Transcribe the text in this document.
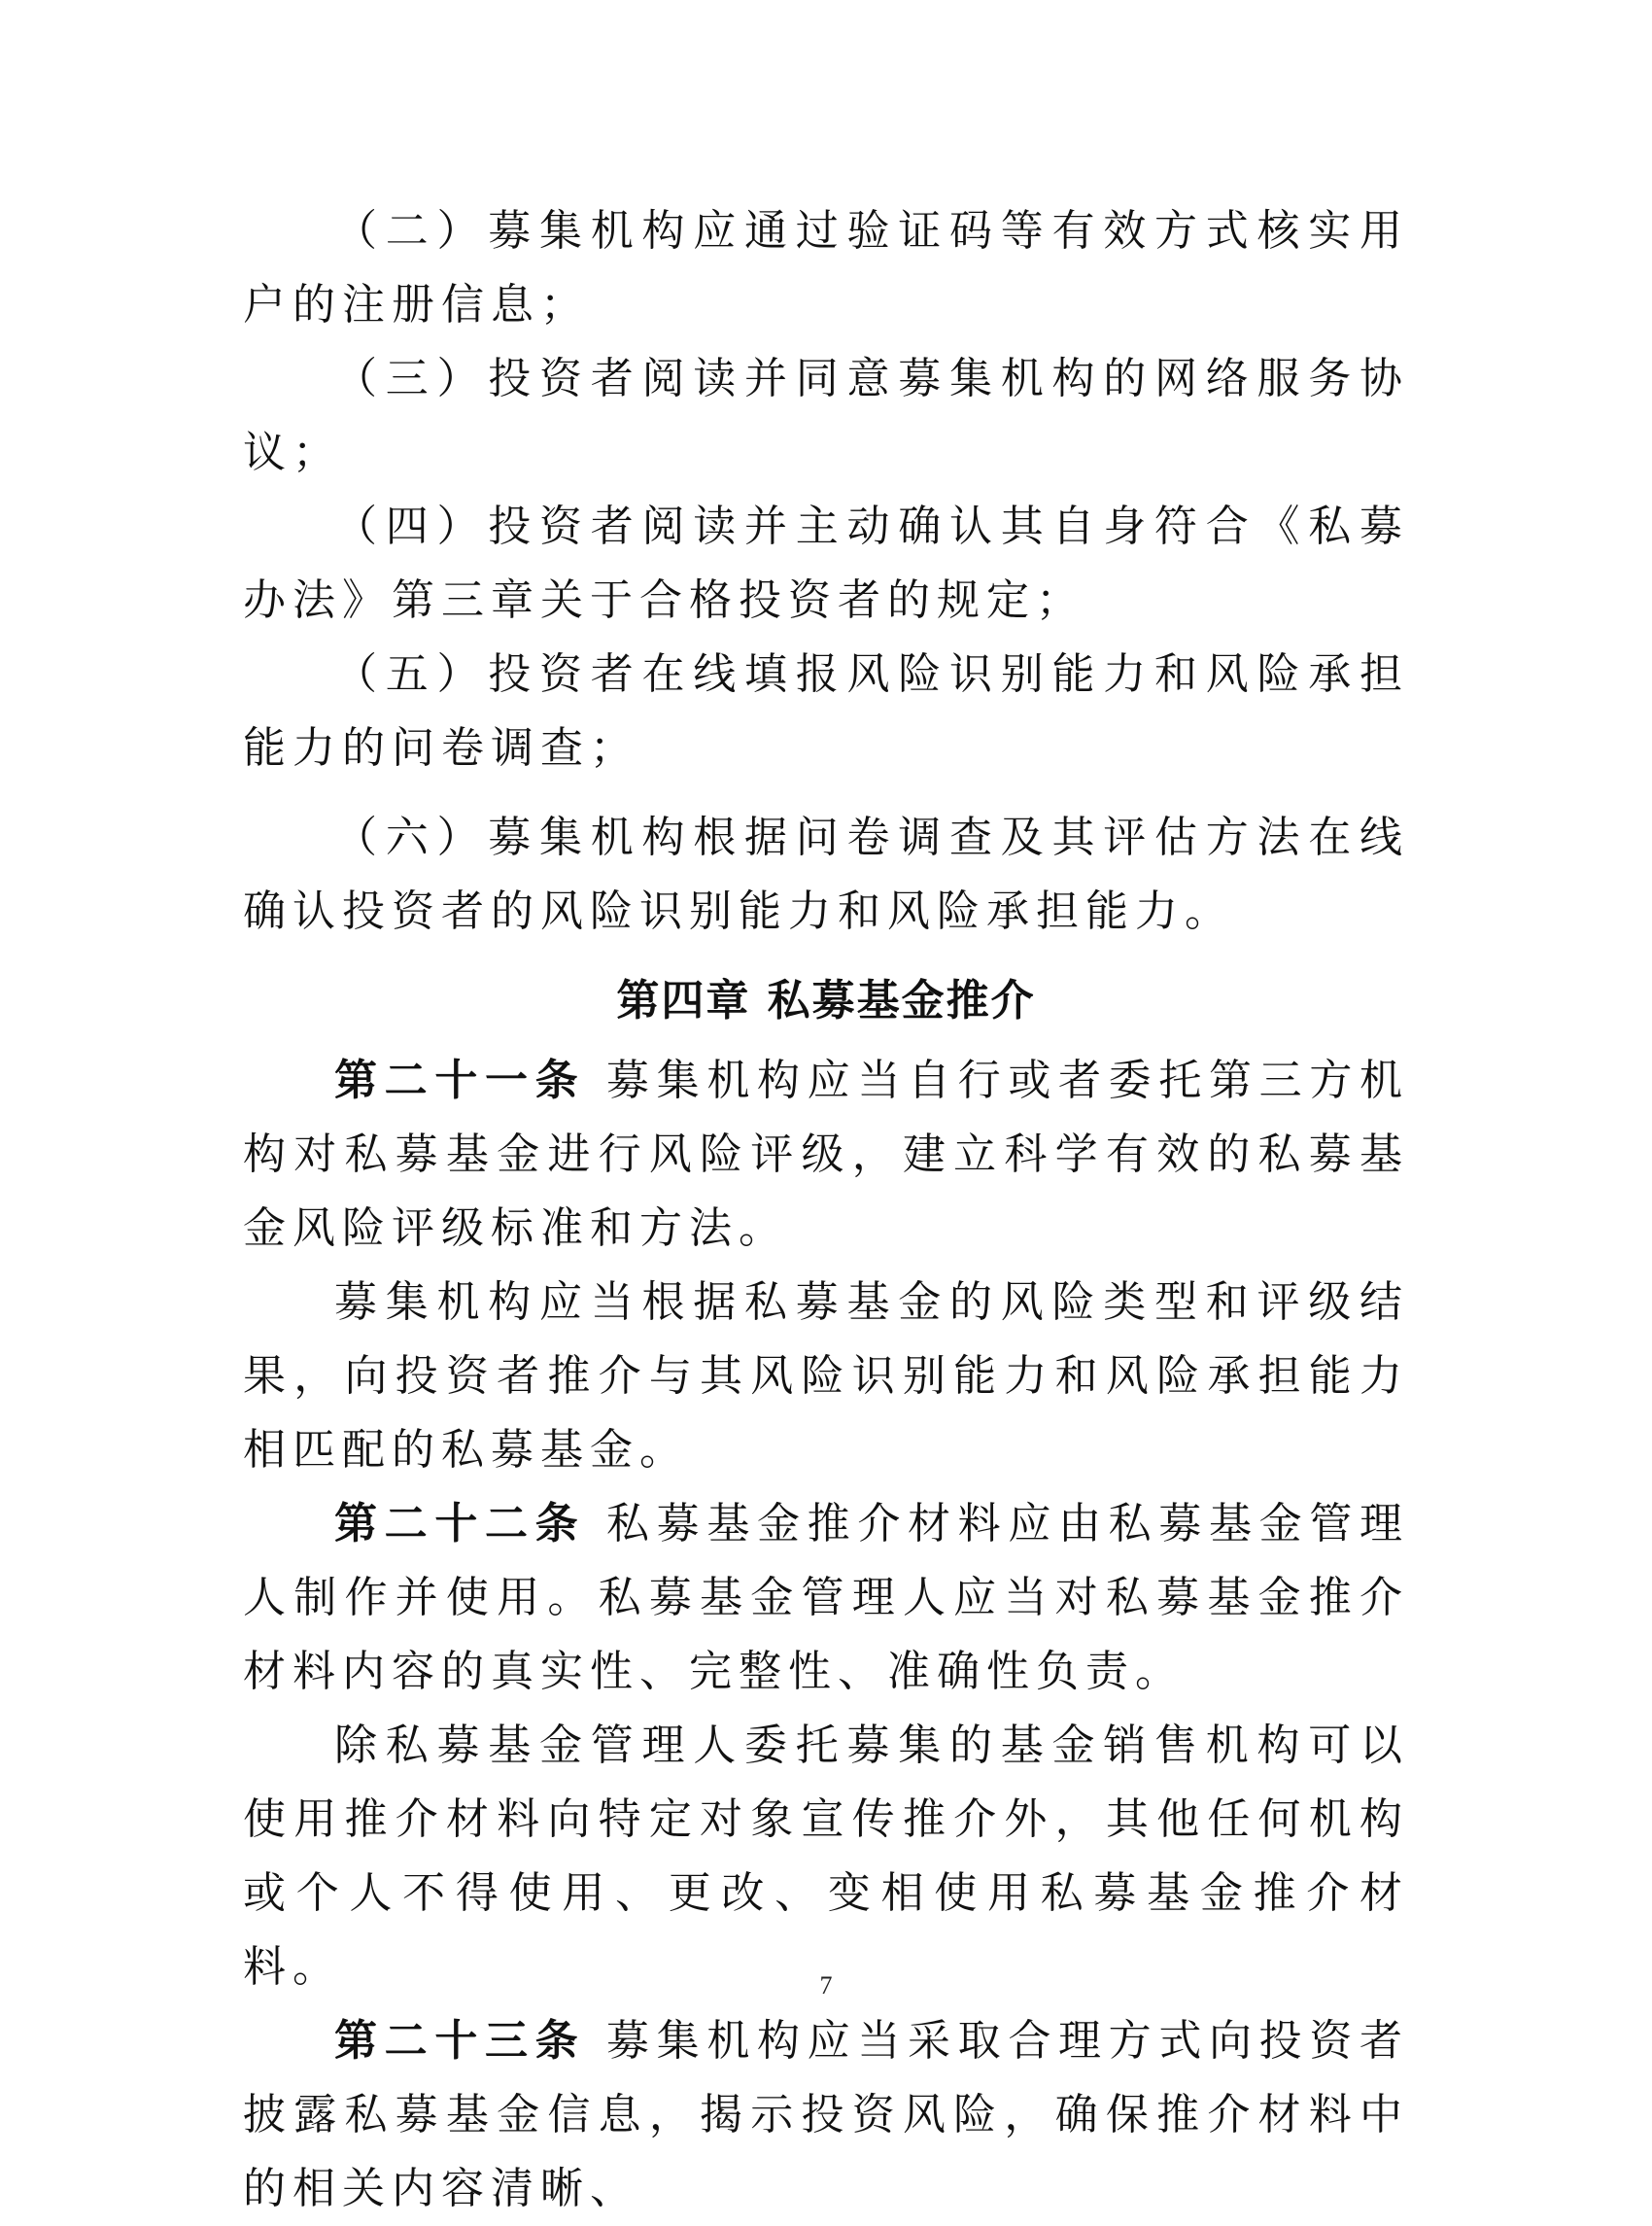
（二）募集机构应通过验证码等有效方式核实用户的注册信息；

（三）投资者阅读并同意募集机构的网络服务协议；

（四）投资者阅读并主动确认其自身符合《私募办法》第三章关于合格投资者的规定；

（五）投资者在线填报风险识别能力和风险承担能力的问卷调查；

（六）募集机构根据问卷调查及其评估方法在线确认投资者的风险识别能力和风险承担能力。

第四章 私募基金推介

第二十一条 募集机构应当自行或者委托第三方机构对私募基金进行风险评级，建立科学有效的私募基金风险评级标准和方法。

募集机构应当根据私募基金的风险类型和评级结果，向投资者推介与其风险识别能力和风险承担能力相匹配的私募基金。

第二十二条 私募基金推介材料应由私募基金管理人制作并使用。私募基金管理人应当对私募基金推介材料内容的真实性、完整性、准确性负责。

除私募基金管理人委托募集的基金销售机构可以使用推介材料向特定对象宣传推介外，其他任何机构或个人不得使用、更改、变相使用私募基金推介材料。

第二十三条 募集机构应当采取合理方式向投资者披露私募基金信息，揭示投资风险，确保推介材料中的相关内容清晰、

7
